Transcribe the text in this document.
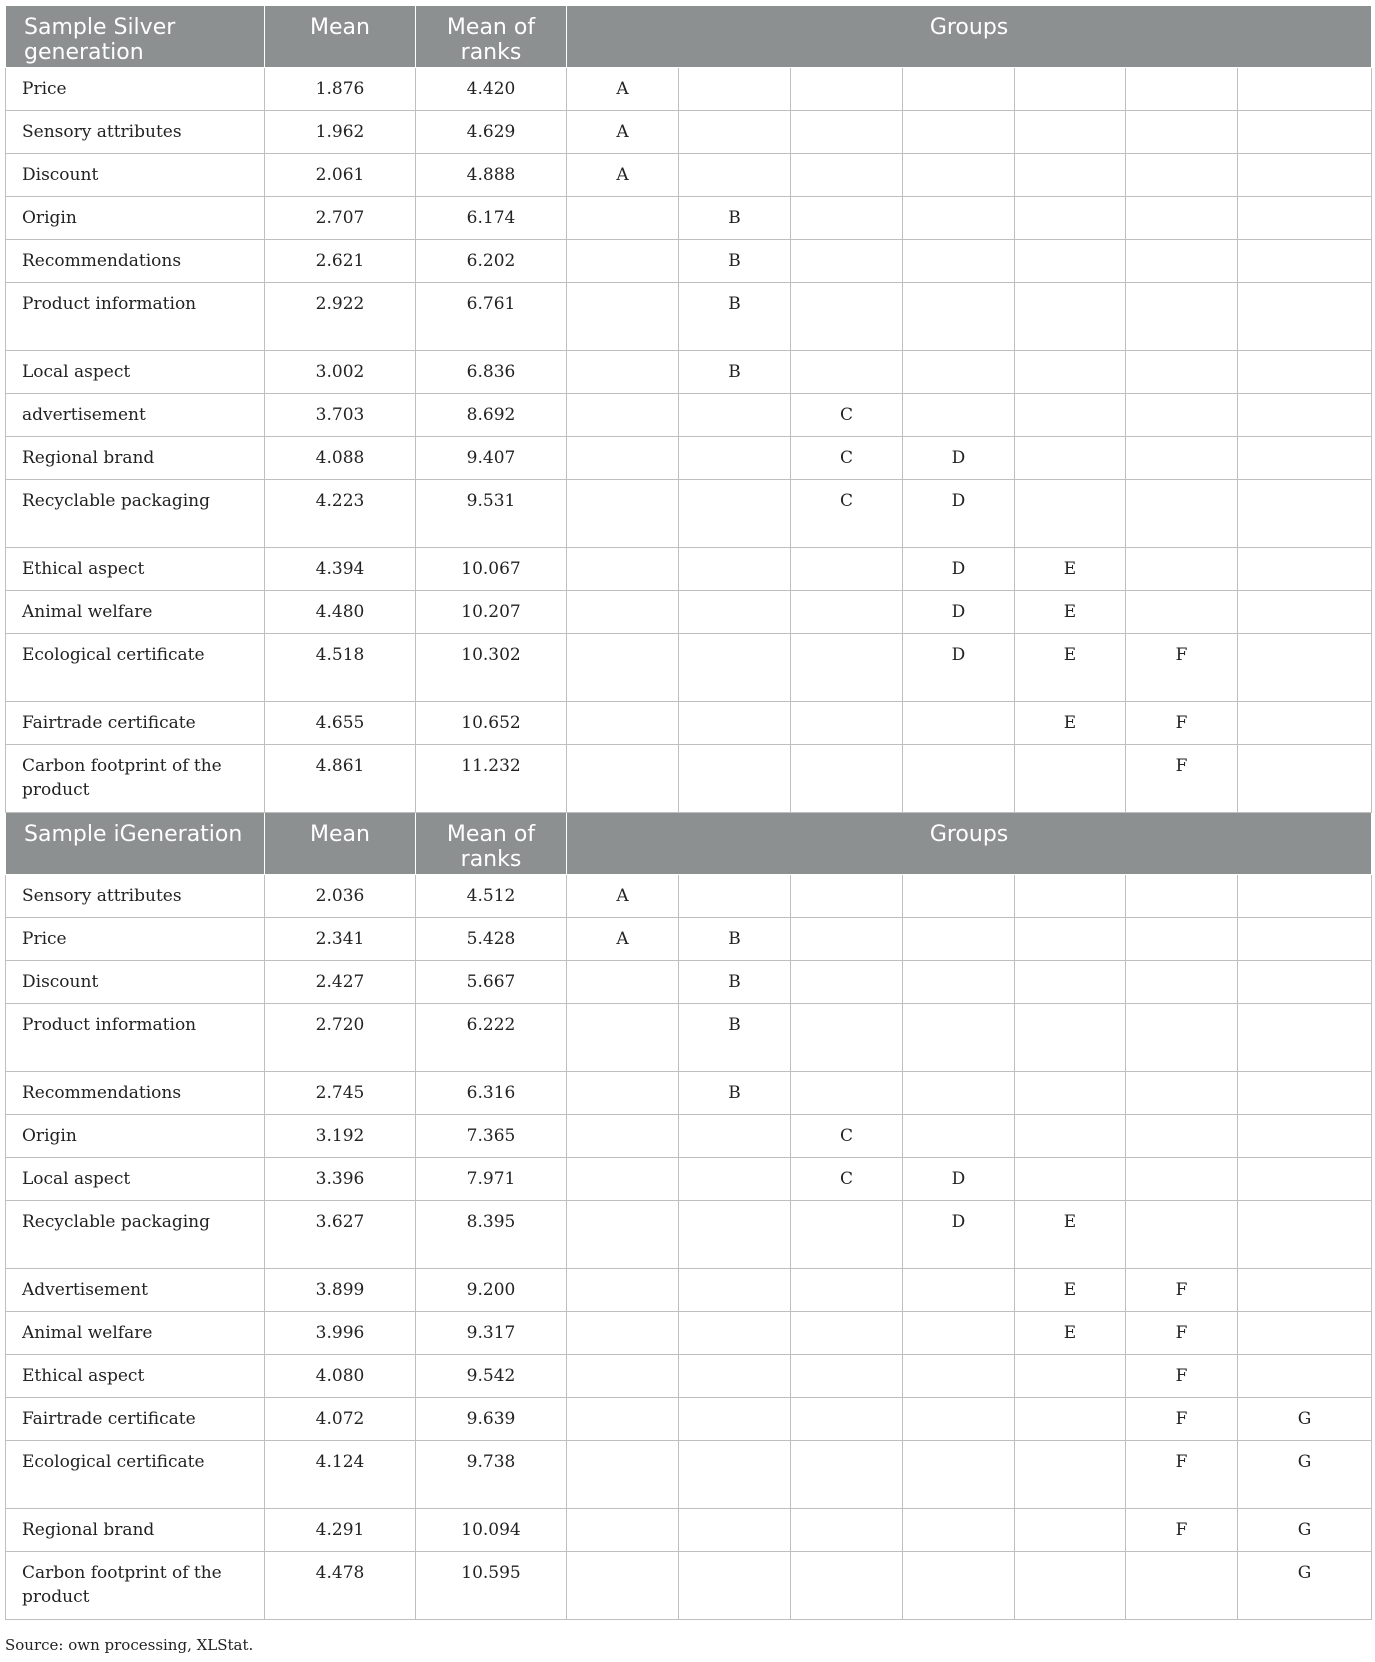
Sample Silver generation	Mean	Mean of ranks	Groups						
Price	1.876	4.420	A						
Sensory attributes	1.962	4.629	A						
Discount	2.061	4.888	A						
Origin	2.707	6.174		B					
Recommendations	2.621	6.202		B					
Product information	2.922	6.761		B					
Local aspect	3.002	6.836		B					
advertisement	3.703	8.692			C				
Regional brand	4.088	9.407			C	D			
Recyclable packaging	4.223	9.531			C	D			
Ethical aspect	4.394	10.067				D	E		
Animal welfare	4.480	10.207				D	E		
Ecological certificate	4.518	10.302				D	E	F	
Fairtrade certificate	4.655	10.652					E	F	
Carbon footprint of the product	4.861	11.232						F	
Sample iGeneration	Mean	Mean of ranks	Groups						
Sensory attributes	2.036	4.512	A						
Price	2.341	5.428	A	B					
Discount	2.427	5.667		B					
Product information	2.720	6.222		B					
Recommendations	2.745	6.316		B					
Origin	3.192	7.365			C				
Local aspect	3.396	7.971			C	D			
Recyclable packaging	3.627	8.395				D	E		
Advertisement	3.899	9.200					E	F	
Animal welfare	3.996	9.317					E	F	
Ethical aspect	4.080	9.542						F	
Fairtrade certificate	4.072	9.639						F	G
Ecological certificate	4.124	9.738						F	G
Regional brand	4.291	10.094						F	G
Carbon footprint of the product	4.478	10.595							G
Source: own processing, XLStat.
